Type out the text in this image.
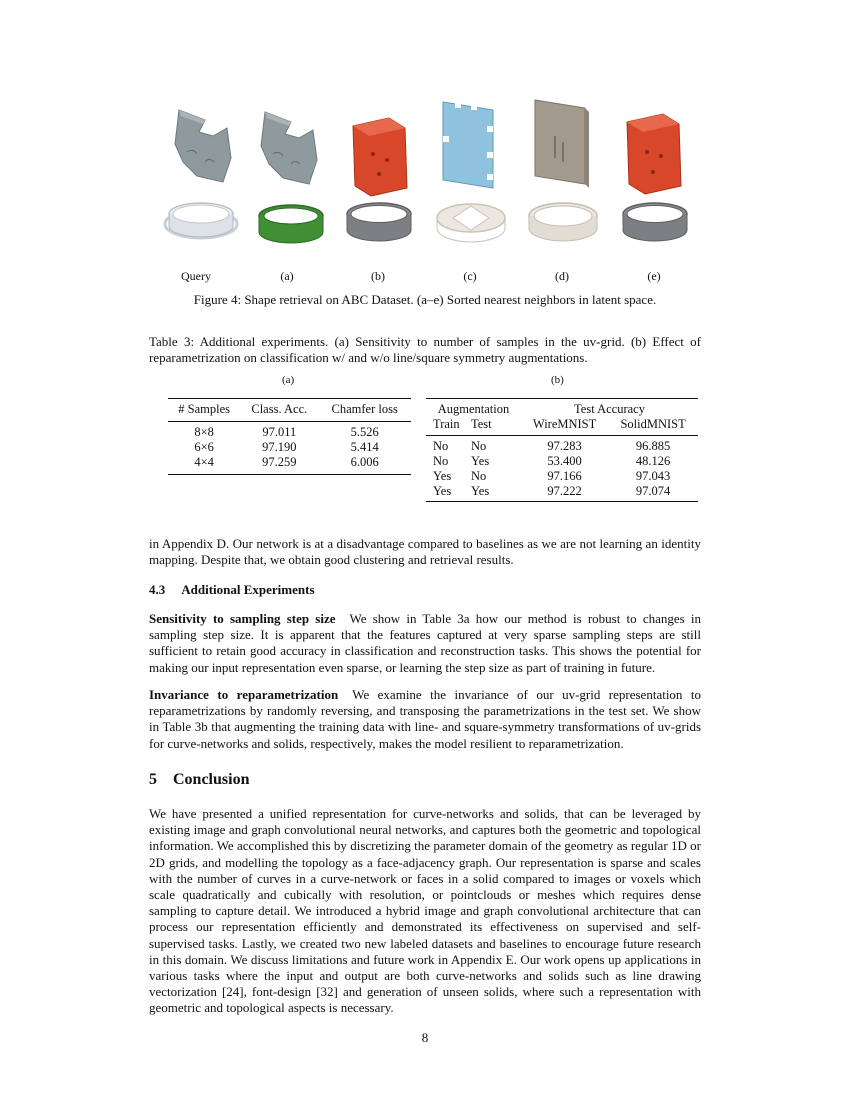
Query	(a)	(b)	(c)	(d)	(e)
Figure 4: Shape retrieval on ABC Dataset. (a–e) Sorted nearest neighbors in latent space.
Table 3: Additional experiments. (a) Sensitivity to number of samples in the uv-grid. (b) Effect of reparametrization on classification w/ and w/o line/square symmetry augmentations.
(a)	(b)
# Samples	Class. Acc.	Chamfer loss
8×8	97.011	5.526
6×6	97.190	5.414
4×4	97.259	6.006
Augmentation		Test Accuracy	
Train	Test	WireMNIST	SolidMNIST
No	No	97.283	96.885
No	Yes	53.400	48.126
Yes	No	97.166	97.043
Yes	Yes	97.222	97.074
in Appendix D. Our network is at a disadvantage compared to baselines as we are not learning an identity mapping. Despite that, we obtain good clustering and retrieval results.
4.3 Additional Experiments
Sensitivity to sampling step size We show in Table 3a how our method is robust to changes in sampling step size. It is apparent that the features captured at very sparse sampling steps are still sufficient to retain good accuracy in classification and reconstruction tasks. This shows the potential for making our input representation even sparse, or learning the step size as part of training in future.
Invariance to reparametrization We examine the invariance of our uv-grid representation to reparametrizations by randomly reversing, and transposing the parametrizations in the test set. We show in Table 3b that augmenting the training data with line- and square-symmetry transformations of uv-grids for curve-networks and solids, respectively, makes the model resilient to reparametrization.
5 Conclusion
We have presented a unified representation for curve-networks and solids, that can be leveraged by existing image and graph convolutional neural networks, and captures both the geometric and topological information. We accomplished this by discretizing the parameter domain of the geometry as regular 1D or 2D grids, and modelling the topology as a face-adjacency graph. Our representation is sparse and scales with the number of curves in a curve-network or faces in a solid compared to images or voxels which scale quadratically and cubically with resolution, or pointclouds or meshes which requires dense sampling to capture detail. We introduced a hybrid image and graph convolutional architecture that can process our representation efficiently and demonstrated its effectiveness on supervised and self-supervised tasks. Lastly, we created two new labeled datasets and baselines to encourage future research in this domain. We discuss limitations and future work in Appendix E. Our work opens up applications in various tasks where the input and output are both curve-networks and solids such as line drawing vectorization [24], font-design [32] and generation of unseen solids, where such a representation with geometric and topological aspects is necessary.
8
